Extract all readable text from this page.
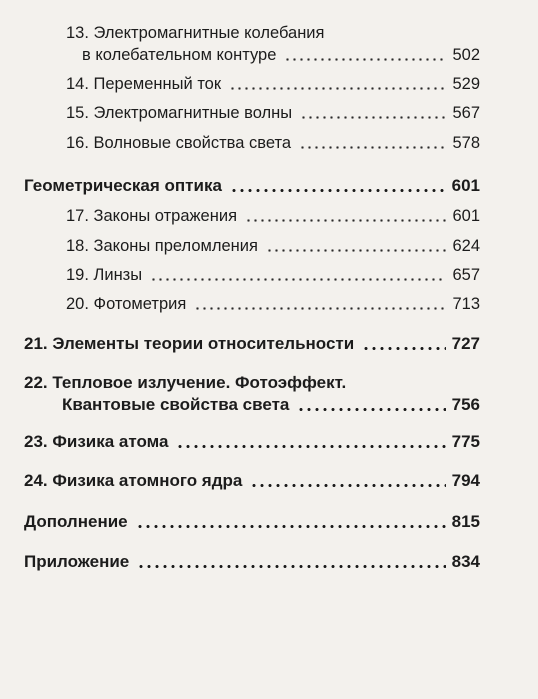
13. Электромагнитные колебания
в колебательном контуре	502
14. Переменный ток	529
15. Электромагнитные волны	567
16. Волновые свойства света	578
Геометрическая оптика	601
17. Законы отражения	601
18. Законы преломления	624
19. Линзы	657
20. Фотометрия	713
21. Элементы теории относительности	727
22. Тепловое излучение. Фотоэффект.
Квантовые свойства света	756
23. Физика атома	775
24. Физика атомного ядра	794
Дополнение	815
Приложение	834
